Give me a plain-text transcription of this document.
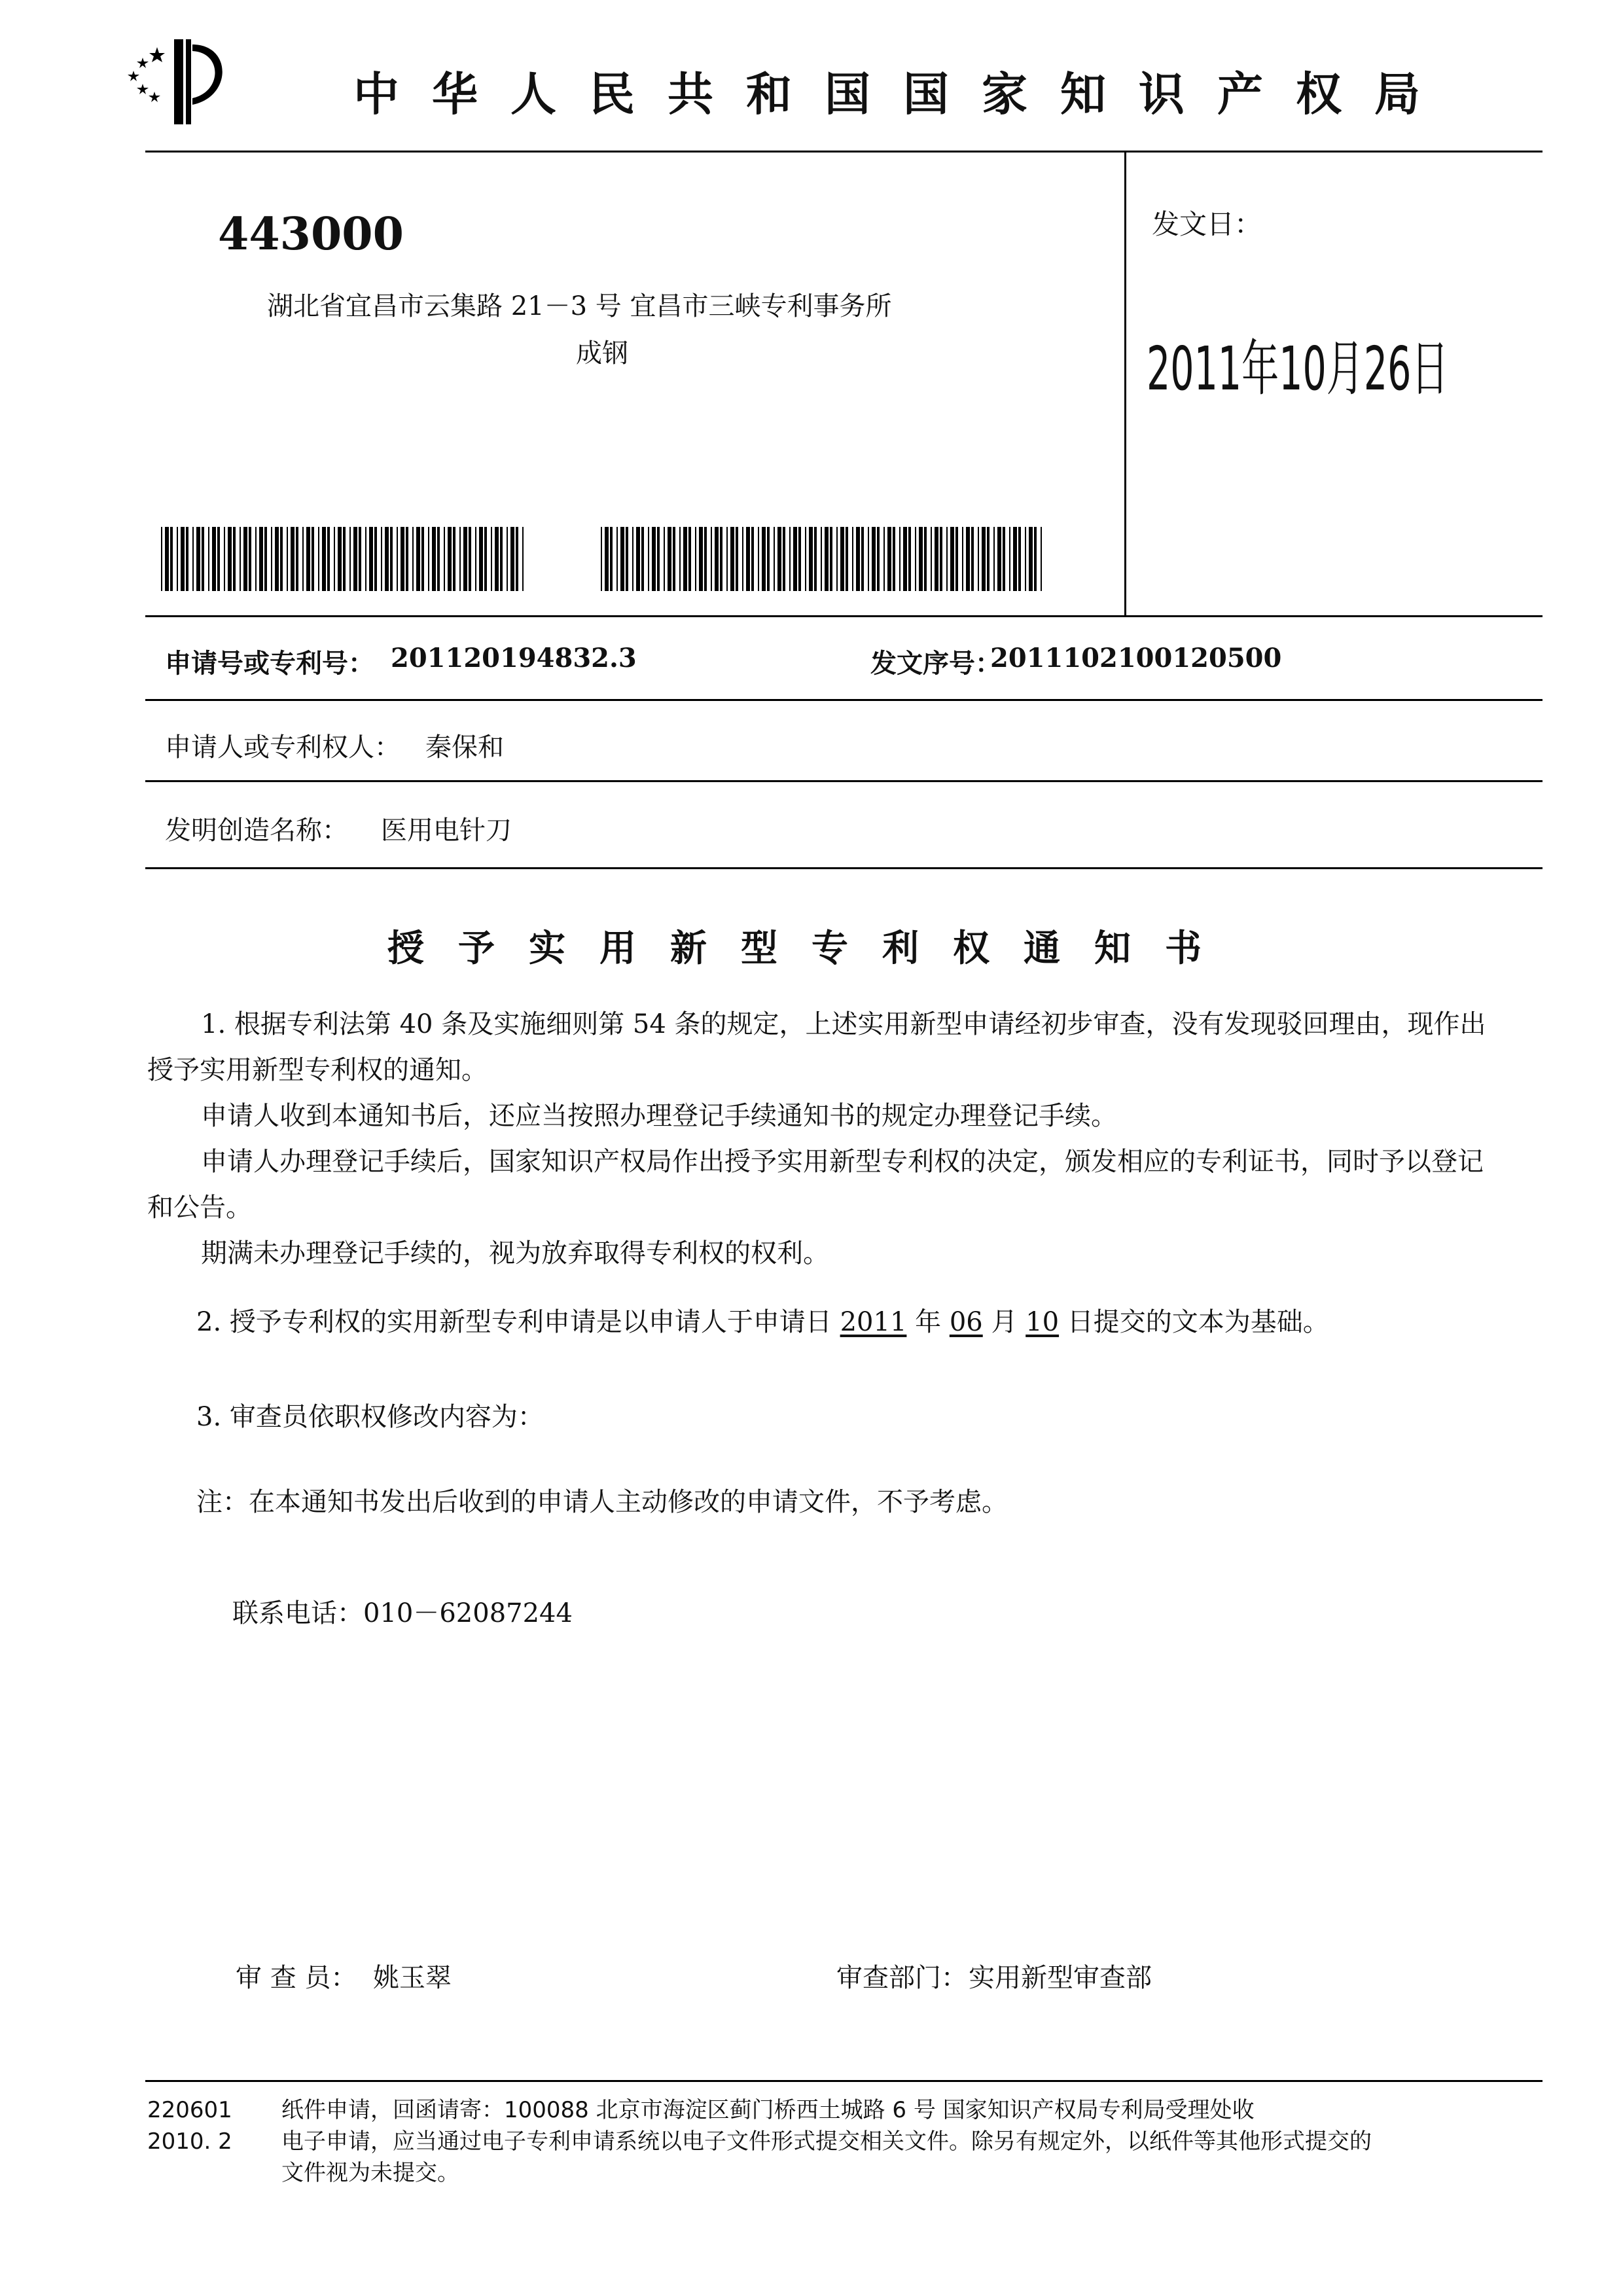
中华人民共和国国家知识产权局
443000
湖北省宜昌市云集路 21－3 号 宜昌市三峡专利事务所
成钢
发文日：
2011年10月26日
申请号或专利号： 201120194832.3	发文序号：
2011102100120500
申请人或专利权人： 秦保和
发明创造名称： 医用电针刀
授予实用新型专利权通知书

1. 根据专利法第 40 条及实施细则第 54 条的规定，上述实用新型申请经初步审查，没有发现驳回理由，现作出授予实用新型专利权的通知。

申请人收到本通知书后，还应当按照办理登记手续通知书的规定办理登记手续。

申请人办理登记手续后，国家知识产权局作出授予实用新型专利权的决定，颁发相应的专利证书，同时予以登记和公告。

期满未办理登记手续的，视为放弃取得专利权的权利。

2. 授予专利权的实用新型专利申请是以申请人于申请日 2011 年 06 月 10 日提交的文本为基础。
3. 审查员依职权修改内容为：
注：在本通知书发出后收到的申请人主动修改的申请文件，不予考虑。
联系电话：010－62087244
审 查 员： 姚玉翠	审查部门： 实用新型审查部
220601
2010. 2
纸件申请，回函请寄：100088 北京市海淀区蓟门桥西土城路 6 号 国家知识产权局专利局受理处收
电子申请，应当通过电子专利申请系统以电子文件形式提交相关文件。除另有规定外，以纸件等其他形式提交的
文件视为未提交。
